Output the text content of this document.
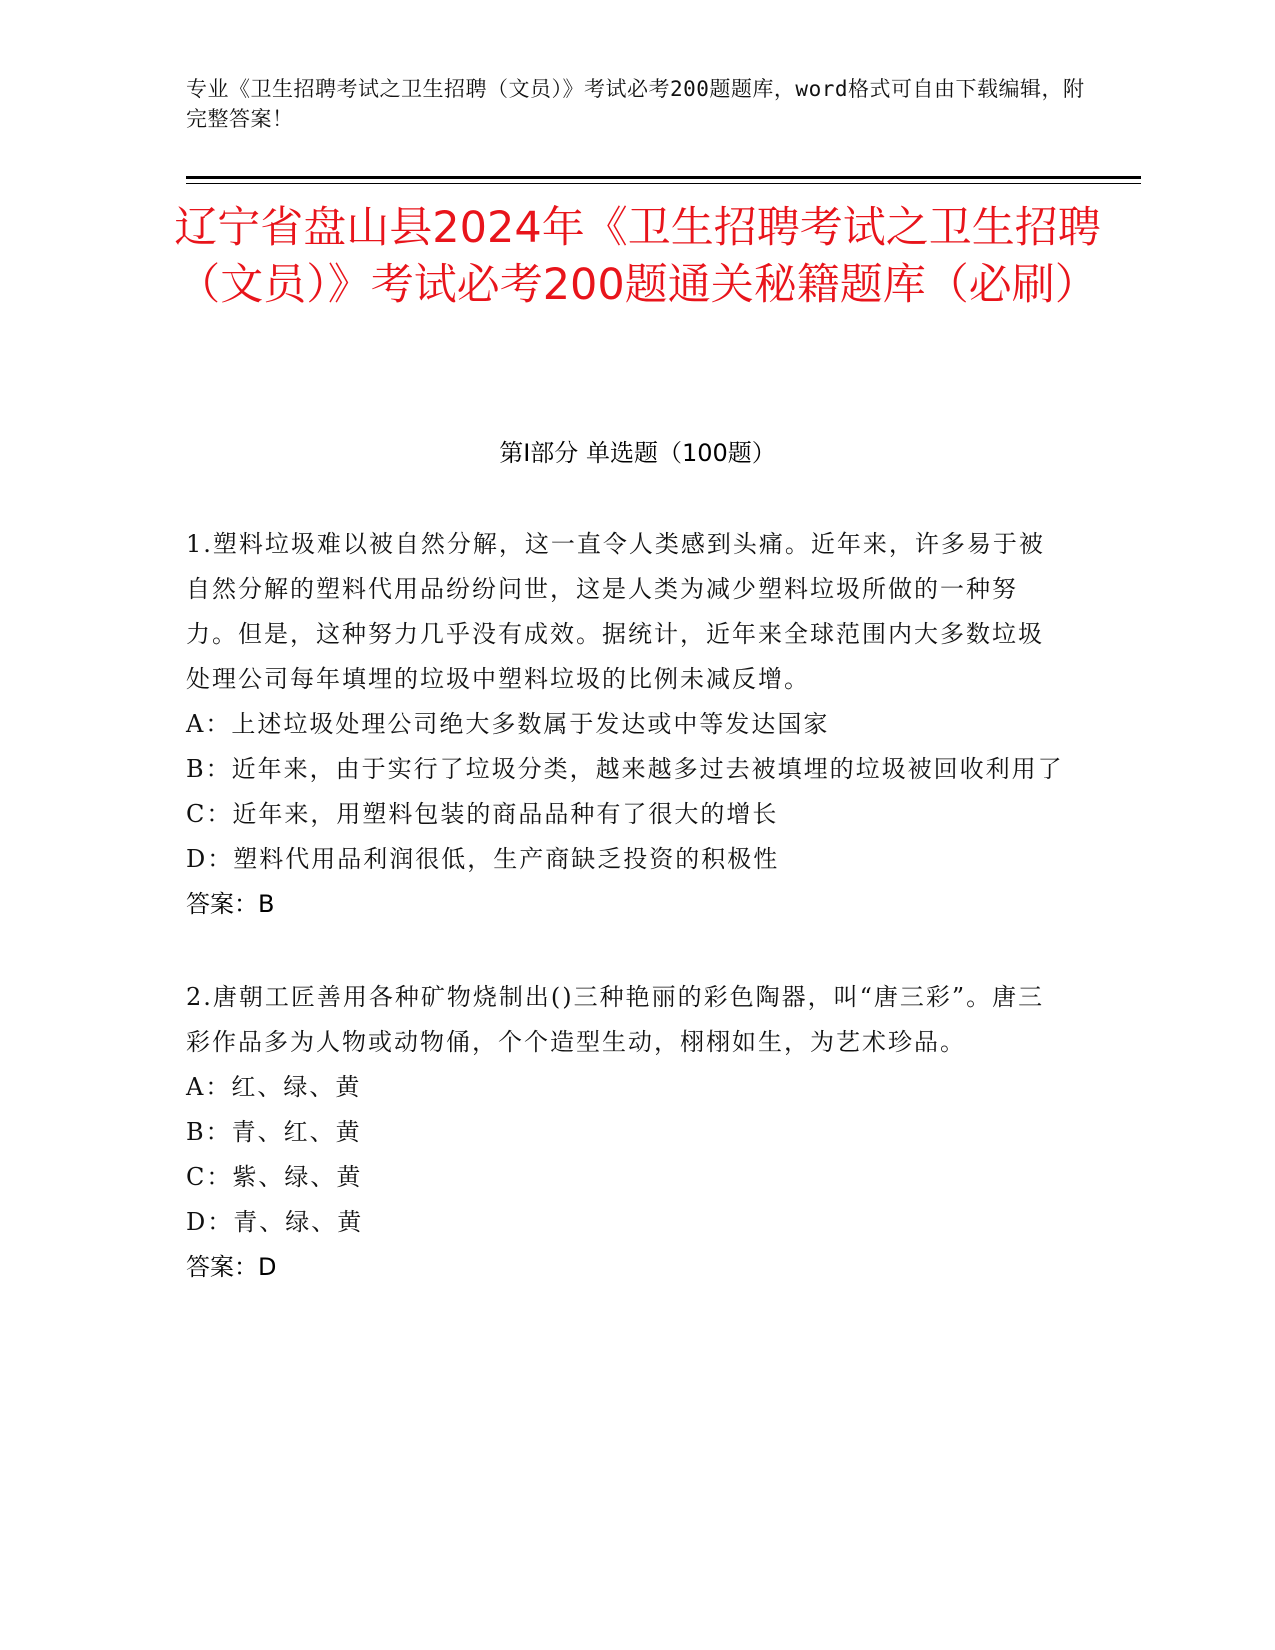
专业《卫生招聘考试之卫生招聘（文员）》考试必考200题题库，word格式可自由下载编辑，附完整答案！
辽宁省盘山县2024年《卫生招聘考试之卫生招聘（文员）》考试必考200题通关秘籍题库（必刷）
第Ⅰ部分 单选题（100题）

1.塑料垃圾难以被自然分解，这一直令人类感到头痛。近年来，许多易于被自然分解的塑料代用品纷纷问世，这是人类为减少塑料垃圾所做的一种努力。但是，这种努力几乎没有成效。据统计，近年来全球范围内大多数垃圾处理公司每年填埋的垃圾中塑料垃圾的比例未减反增。

A：上述垃圾处理公司绝大多数属于发达或中等发达国家

B：近年来，由于实行了垃圾分类，越来越多过去被填埋的垃圾被回收利用了

C：近年来，用塑料包装的商品品种有了很大的增长

D：塑料代用品利润很低，生产商缺乏投资的积极性

答案：B

2.唐朝工匠善用各种矿物烧制出()三种艳丽的彩色陶器，叫“唐三彩”。唐三彩作品多为人物或动物俑，个个造型生动，栩栩如生，为艺术珍品。

A：红、绿、黄

B：青、红、黄

C：紫、绿、黄

D：青、绿、黄

答案：D
